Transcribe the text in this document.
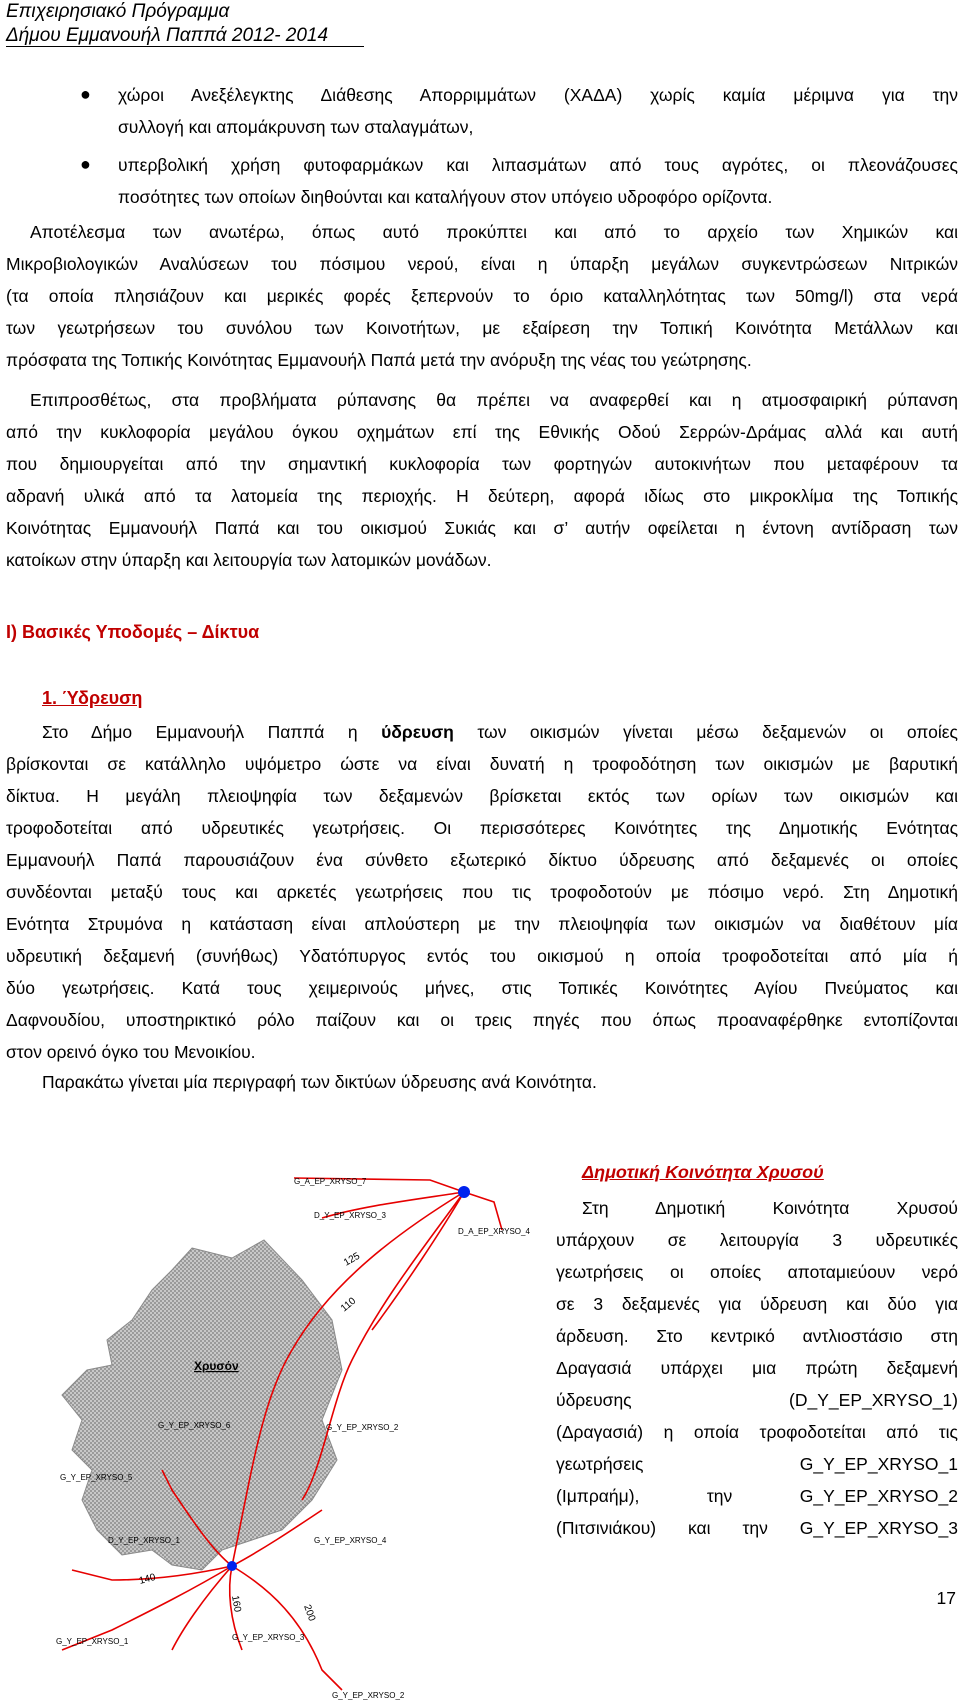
Επιχειρησιακό Πρόγραμμα
Δήμου Εμμανουήλ Παππά 2012- 2014
● χώροι Ανεξέλεγκτης Διάθεσης Απορριμμάτων (ΧΑΔΑ) χωρίς καμία μέριμνα για την
συλλογή και απομάκρυνση των σταλαγμάτων,
● υπερβολική χρήση φυτοφαρμάκων και λιπασμάτων από τους αγρότες, οι πλεονάζουσες
ποσότητες των οποίων διηθούνται και καταλήγουν στον υπόγειο υδροφόρο ορίζοντα.
Αποτέλεσμα των ανωτέρω, όπως αυτό προκύπτει και από το αρχείο των Χημικών και
Μικροβιολογικών Αναλύσεων του πόσιμου νερού, είναι η ύπαρξη μεγάλων συγκεντρώσεων Νιτρικών
(τα οποία πλησιάζουν και μερικές φορές ξεπερνούν το όριο καταλληλότητας των 50mg/l) στα νερά
των γεωτρήσεων του συνόλου των Κοινοτήτων, με εξαίρεση την Τοπική Κοινότητα Μετάλλων και
πρόσφατα της Τοπικής Κοινότητας Εμμανουήλ Παπά μετά την ανόρυξη της νέας του γεώτρησης.
Επιπροσθέτως, στα προβλήματα ρύπανσης θα πρέπει να αναφερθεί και η ατμοσφαιρική ρύπανση
από την κυκλοφορία μεγάλου όγκου οχημάτων επί της Εθνικής Οδού Σερρών-Δράμας αλλά και αυτή
που δημιουργείται από την σημαντική κυκλοφορία των φορτηγών αυτοκινήτων που μεταφέρουν τα
αδρανή υλικά από τα λατομεία της περιοχής. Η δεύτερη, αφορά ιδίως στο μικροκλίμα της Τοπικής
Κοινότητας Εμμανουήλ Παπά και του οικισμού Συκιάς και σ’ αυτήν οφείλεται η έντονη αντίδραση των
κατοίκων στην ύπαρξη και λειτουργία των λατομικών μονάδων.
Ι) Βασικές Υποδομές – Δίκτυα
1. Ύδρευση
Στο Δήμο Εμμανουήλ Παππά η ύδρευση των οικισμών γίνεται μέσω δεξαμενών οι οποίες
βρίσκονται σε κατάλληλο υψόμετρο ώστε να είναι δυνατή η τροφοδότηση των οικισμών με βαρυτική
δίκτυα. Η μεγάλη πλειοψηφία των δεξαμενών βρίσκεται εκτός των ορίων των οικισμών και
τροφοδοτείται από υδρευτικές γεωτρήσεις. Οι περισσότερες Κοινότητες της Δημοτικής Ενότητας
Εμμανουήλ Παπά παρουσιάζουν ένα σύνθετο εξωτερικό δίκτυο ύδρευσης από δεξαμενές οι οποίες
συνδέονται μεταξύ τους και αρκετές γεωτρήσεις που τις τροφοδοτούν με πόσιμο νερό. Στη Δημοτική
Ενότητα Στρυμόνα η κατάσταση είναι απλούστερη με την πλειοψηφία των οικισμών να διαθέτουν μία
υδρευτική δεξαμενή (συνήθως) Υδατόπυργος εντός του οικισμού η οποία τροφοδοτείται από μία ή
δύο γεωτρήσεις. Κατά τους χειμερινούς μήνες, στις Τοπικές Κοινότητες Αγίου Πνεύματος και
Δαφνουδίου, υποστηρικτικό ρόλο παίζουν και οι τρεις πηγές που όπως προαναφέρθηκε εντοπίζονται
στον ορεινό όγκο του Μενοικίου.
Παρακάτω γίνεται μία περιγραφή των δικτύων ύδρευσης ανά Κοινότητα.
G_A_EP_XRYSO_7
D_Y_EP_XRYSO_3
D_A_EP_XRYSO_4
G_Y_EP_XRYSO_6	G_Y_EP_XRYSO_2
G_Y_EP_XRYSO_5
D_Y_EP_XRYSO_1	G_Y_EP_XRYSO_4
G_Y_EP_XRYSO_1	G_Y_EP_XRYSO_3
G_Y_EP_XRYSO_2
Χρυσόν
125
110
140
160	200
Δημοτική Κοινότητα Χρυσού
Στη Δημοτική Κοινότητα Χρυσού
υπάρχουν σε λειτουργία 3 υδρευτικές
γεωτρήσεις οι οποίες αποταμιεύουν νερό
σε 3 δεξαμενές για ύδρευση και δύο για
άρδευση. Στο κεντρικό αντλιοστάσιο στη
Δραγασιά υπάρχει μια πρώτη δεξαμενή
ύδρευσης (D_Y_EP_XRYSO_1)
(Δραγασιά) η οποία τροφοδοτείται από τις
γεωτρήσεις G_Y_EP_XRYSO_1
(Ιμπραήμ), την G_Y_EP_XRYSO_2
(Πιτσινιάκου) και την G_Y_EP_XRYSO_3
17
